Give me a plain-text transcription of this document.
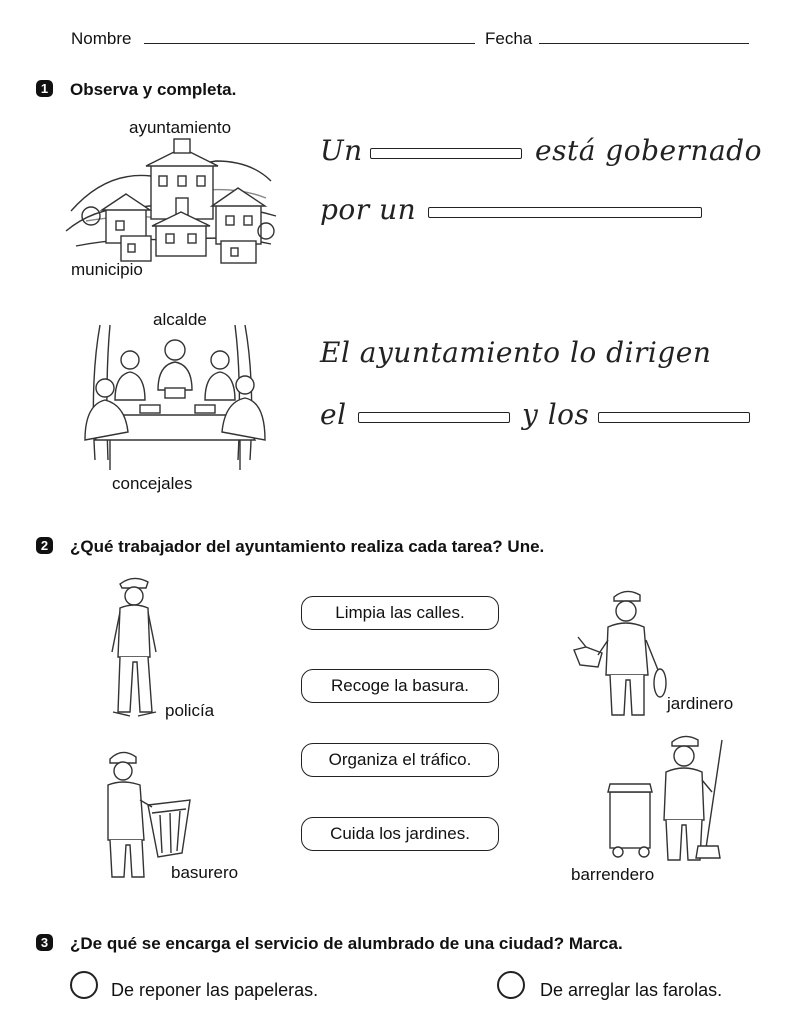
Nombre	Fecha
1 Observa y completa.
ayuntamiento
municipio
Un	está gobernado
por un
alcalde
concejales
El ayuntamiento lo dirigen
el	y los
2 ¿Qué trabajador del ayuntamiento realiza cada tarea? Une.
policía
basurero
Limpia las calles.
Recoge la basura.
Organiza el tráfico.
Cuida los jardines.
jardinero
barrendero
3 ¿De qué se encarga el servicio de alumbrado de una ciudad? Marca.
De reponer las papeleras.	De arreglar las farolas.
